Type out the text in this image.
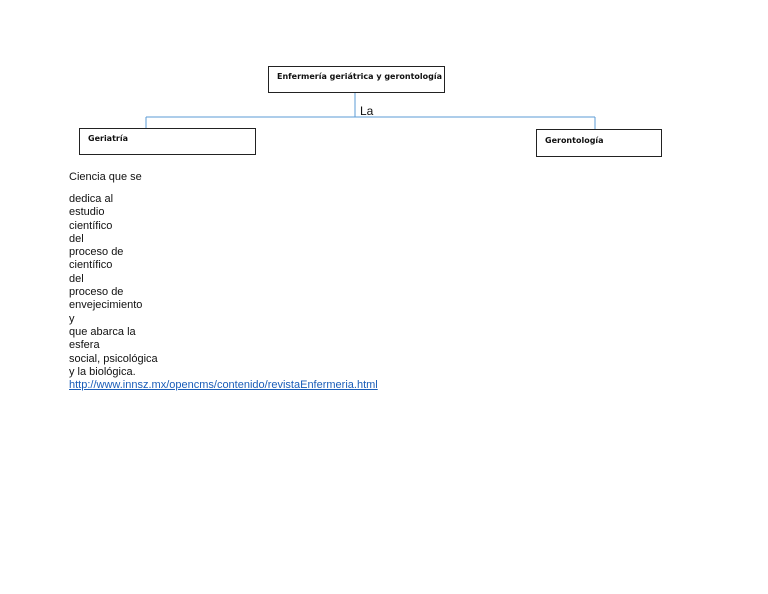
Enfermería geriátrica y gerontología
La
Geriatría	Gerontología
Ciencia que se
dedica al
estudio
científico
del
proceso de
científico
del
proceso de
envejecimiento
y
que abarca la
esfera
social, psicológica
y la biológica.
http://www.innsz.mx/opencms/contenido/revistaEnfermeria.html
